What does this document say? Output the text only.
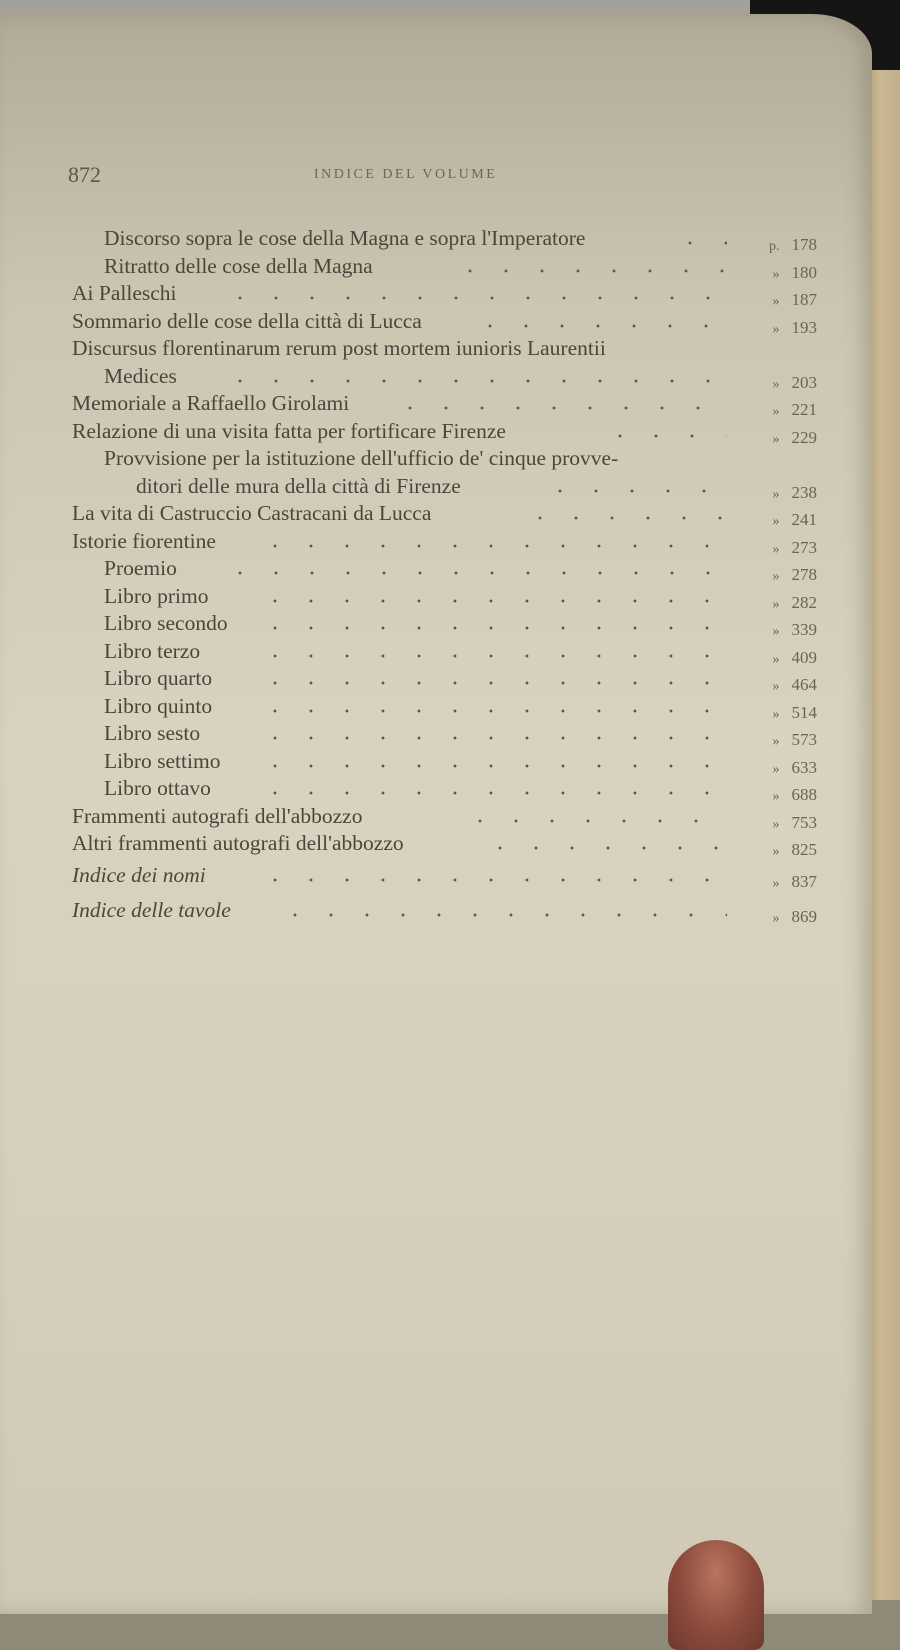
872	INDICE DEL VOLUME
Discorso sopra le cose della Magna e sopra l'Imperatore	p. 178
Ritratto delle cose della Magna	» 180
Ai Palleschi	» 187
Sommario delle cose della città di Lucca	» 193
Discursus florentinarum rerum post mortem iunioris Laurentii
Medices	» 203
Memoriale a Raffaello Girolami	» 221
Relazione di una visita fatta per fortificare Firenze	» 229
Provvisione per la istituzione dell'ufficio de' cinque provve-
ditori delle mura della città di Firenze	» 238
La vita di Castruccio Castracani da Lucca	» 241
Istorie fiorentine	» 273
Proemio	» 278
Libro primo	» 282
Libro secondo	» 339
Libro terzo	» 409
Libro quarto	» 464
Libro quinto	» 514
Libro sesto	» 573
Libro settimo	» 633
Libro ottavo	» 688
Frammenti autografi dell'abbozzo	» 753
Altri frammenti autografi dell'abbozzo	» 825
Indice dei nomi	» 837
Indice delle tavole	» 869
